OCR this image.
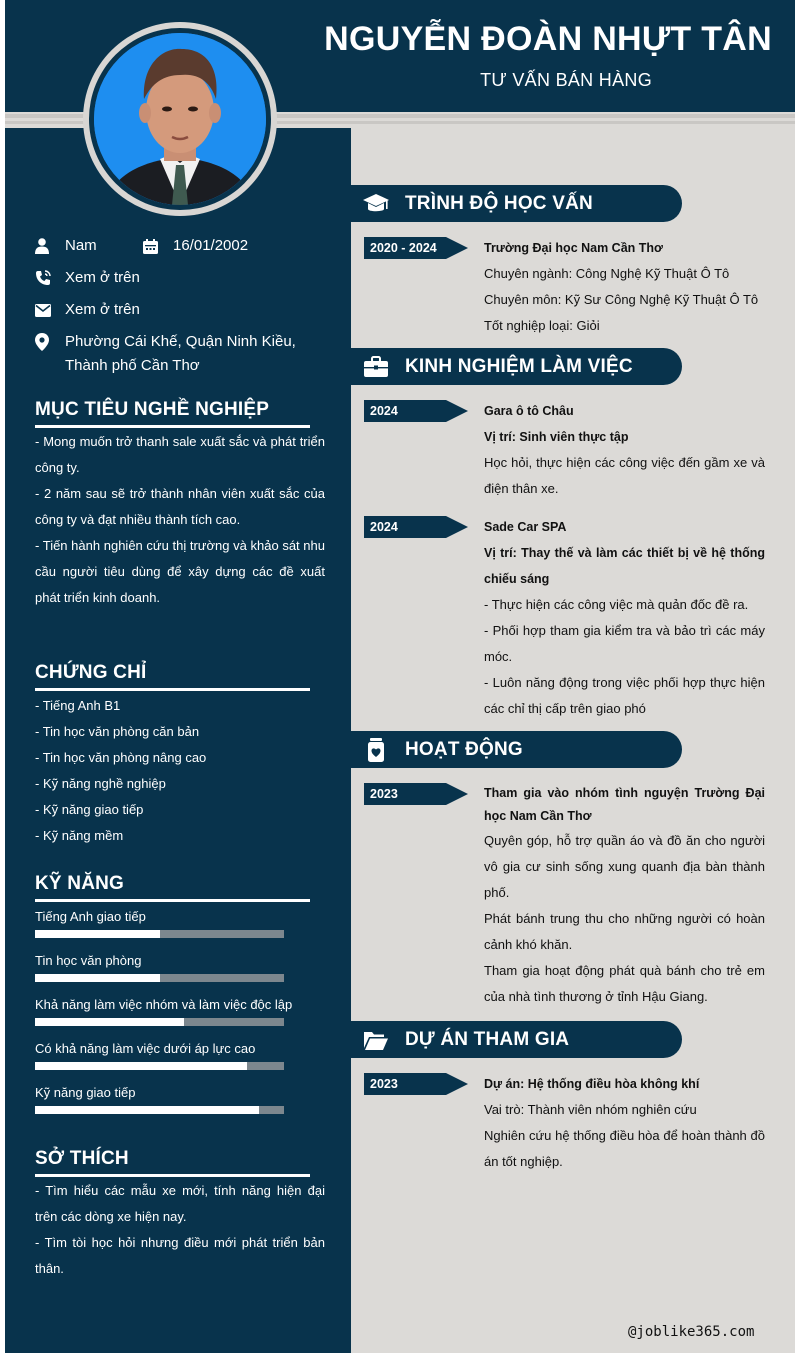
NGUYỄN ĐOÀN NHỰT TÂN
TƯ VẤN BÁN HÀNG
Nam	16/01/2002
Xem ở trên
Xem ở trên
Phường Cái Khế, Quận Ninh Kiều, Thành phố Cần Thơ
MỤC TIÊU NGHỀ NGHIỆP
- Mong muốn trở thanh sale xuất sắc và phát triển công ty.
- 2 năm sau sẽ trở thành nhân viên xuất sắc của công ty và đạt nhiều thành tích cao.
- Tiến hành nghiên cứu thị trường và khảo sát nhu cầu người tiêu dùng để xây dựng các đề xuất phát triển kinh doanh.
CHỨNG CHỈ
- Tiếng Anh B1
- Tin học văn phòng căn bản
- Tin học văn phòng nâng cao
- Kỹ năng nghề nghiệp
- Kỹ năng giao tiếp
- Kỹ năng mềm
KỸ NĂNG
Tiếng Anh giao tiếp
Tin học văn phòng
Khả năng làm việc nhóm và làm việc độc lập
Có khả năng làm việc dưới áp lực cao
Kỹ năng giao tiếp
SỞ THÍCH
- Tìm hiểu các mẫu xe mới, tính năng hiện đại trên các dòng xe hiện nay.
- Tìm tòi học hỏi nhưng điều mới phát triển bản thân.
TRÌNH ĐỘ HỌC VẤN
2020 - 2024	Trường Đại học Nam Cần Thơ
Chuyên ngành: Công Nghệ Kỹ Thuật Ô Tô
Chuyên môn: Kỹ Sư Công Nghệ Kỹ Thuật Ô Tô
Tốt nghiệp loại: Giỏi
KINH NGHIỆM LÀM VIỆC
2024	Gara ô tô Châu
Vị trí: Sinh viên thực tập
Học hỏi, thực hiện các công việc đến gầm xe và điện thân xe.
2024	Sade Car SPA
Vị trí: Thay thế và làm các thiết bị về hệ thống chiếu sáng
- Thực hiện các công việc mà quản đốc đề ra.
- Phối hợp tham gia kiểm tra và bảo trì các máy móc.
- Luôn năng động trong việc phối hợp thực hiện các chỉ thị cấp trên giao phó
HOẠT ĐỘNG
2023	Tham gia vào nhóm tình nguyện Trường Đại học Nam Cần Thơ
Quyên góp, hỗ trợ quần áo và đồ ăn cho người vô gia cư sinh sống xung quanh địa bàn thành phố.
Phát bánh trung thu cho những người có hoàn cảnh khó khăn.
Tham gia hoạt động phát quà bánh cho trẻ em của nhà tình thương ở tỉnh Hậu Giang.
DỰ ÁN THAM GIA
2023	Dự án: Hệ thống điều hòa không khí
Vai trò: Thành viên nhóm nghiên cứu
Nghiên cứu hệ thống điều hòa để hoàn thành đồ án tốt nghiệp.
@joblike365.com
